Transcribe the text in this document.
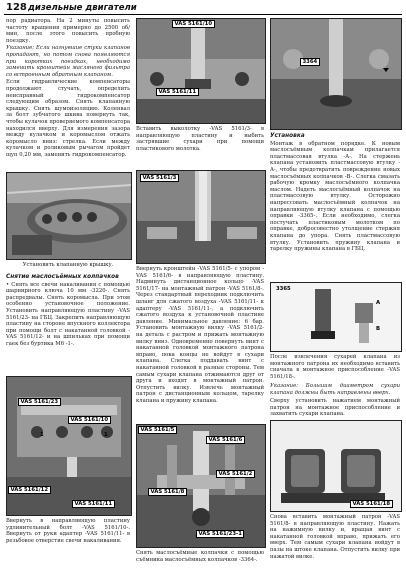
128 дизельные двигатели

пор радиатора. На 2 минуты повысить частоту вращения примерно до 2500 об/мин, после этого повысить пробную поездку.

Указание: Если нагнувшие стуки клапанов пропадают, но потом снова появляются при коротких поездках, необходимо заменить кронштейн масляного фильтра со встроенным обратным клапаном.

Если гидравлические компенсаторы продолжают стучать, определить неисправный гидрокомпенсатор следующим образом. Снять клапанную крышку. Снять шумоизоляцию. Коленвал за болт зубчатого шкива повернуть так, чтобы кулачок проверяемого компенсатора находился вверху. Для измерения зазора между кулачком и коромыслом отжать коромысло вниз: стрелка. Если между кулачком и роликовым рычагом пройдет щуп 0,20 мм, заменить гидрокомпенсатор.

Установить клапанную крышку.
Снятие маслосъёмных колпачков

• Снять все свечи накаливания с помощью шарнирного ключа 10 мм -3220-. Снять распредвалы. Снять коромысла. При этом особенно установочное положение. Установить направляющую пластину -VAS 5161/23- на ГБЦ. Закрепить направляющую пластину на стороне впускного коллектора при помощи болт с накатанной головкой -VAS 5161/12- и на шпильках при помощи гаек без буртика М6 -1-.

VAS 5161/23
VAS 5161/12
VAS 5161/10
VAS 5161/11
1	1
Ввернуть в направляющую пластину удлинительный болт -VAS 5161/10-. Ввернуть от руки адаптер -VAS 5161/11- в резьбовое отверстие свечи накаливания.
VAS 5161/10
VAS 5161/11
Вставить выколотку -VAS 5161/3- в направляющую пластину и выбить застрявшие сухари при помощи пластикового молотка.
VAS 5161/3
Ввернуть кронштейн -VAS 5161/5- с упором -VAS 5161/6- в направляющую пластину. Надвинуть дистанционное кольцо -VAS 5161/17- на монтажный патрон -VAS 5161/8-. Через стандартный переходник подключить шланг для сжатого воздуха -VAS 5161/11- к адаптеру -VAS 5161/11-, а подключить сжатого воздуха к установочной пластине давление. Минимальное давление: 6 бар. Установить монтажную вилку -VAS 5161/2- на деталь с растром и прижать монтажную вилку вниз. Одновременно повернуть винт с накатанной головкой монтажного патрона вправо, пока концы не войдут в сухари клапана. Слегка поддавать винт с накатанной головкой в разные стороны. Тем самым сухари клапана отжимаются друг от друга и входят в монтажный патрон. Отпустить вилку. Извлечь монтажный патрон с дистанционным кольцом, тарелку клапана и пружину клапана.
VAS 5161/5
VAS 5161/6
VAS 5161/8
VAS 5161/2
VAS 5161/23-1
Снять маслосъёмные колпачки с помощью съёмника маслосъёмных колпачков -3364-.
3364
Установка

Монтаж в обратном порядке. К новым маслосъёмным колпачкам прилагается пластмассовая втулка -A-. На стержень клапана установить пластмассовую втулку -A-, чтобы предотвратить повреждение новых маслосъёмных колпачков -B-. Слегка смазать рабочую кромку маслосъёмного колпачка маслом. Надеть маслосъёмный колпачок на пластмассовую втулку. Осторожно напрессовать маслосъёмный колпачок на направляющую втулку клапана с помощью оправки -3365-. Если необходимо, слегка постучать пластиковым молотком по оправке, добросовестно утолщение стержня клапана до упора. Снять пластмассовую втулку. Установить пружину клапана и тарелку пружины клапана в ГБЦ.

3365
A
B
После извлечения сухарей клапана из монтажного патрона их необходимо вставить сначала в монтажное приспособление -VAS 5161/18-.
Указание: Большим диаметром сухари клапана должны быть направлены вверх.
Сверху установить нажатием монтажный патрон на монтажное приспособление и захватить сухари клапана.
VAS 5161/18
Снова вставить монтажный патрон -VAS 5161/8- в направляющую пластину. Нажать на нажимную вилку и, вращая винт с накатанной головкой вправо, прижать его вверх. Тем самым сухари клапана войдут в пазы на штоке клапана. Отпустить вилку при нажатой вилке.
